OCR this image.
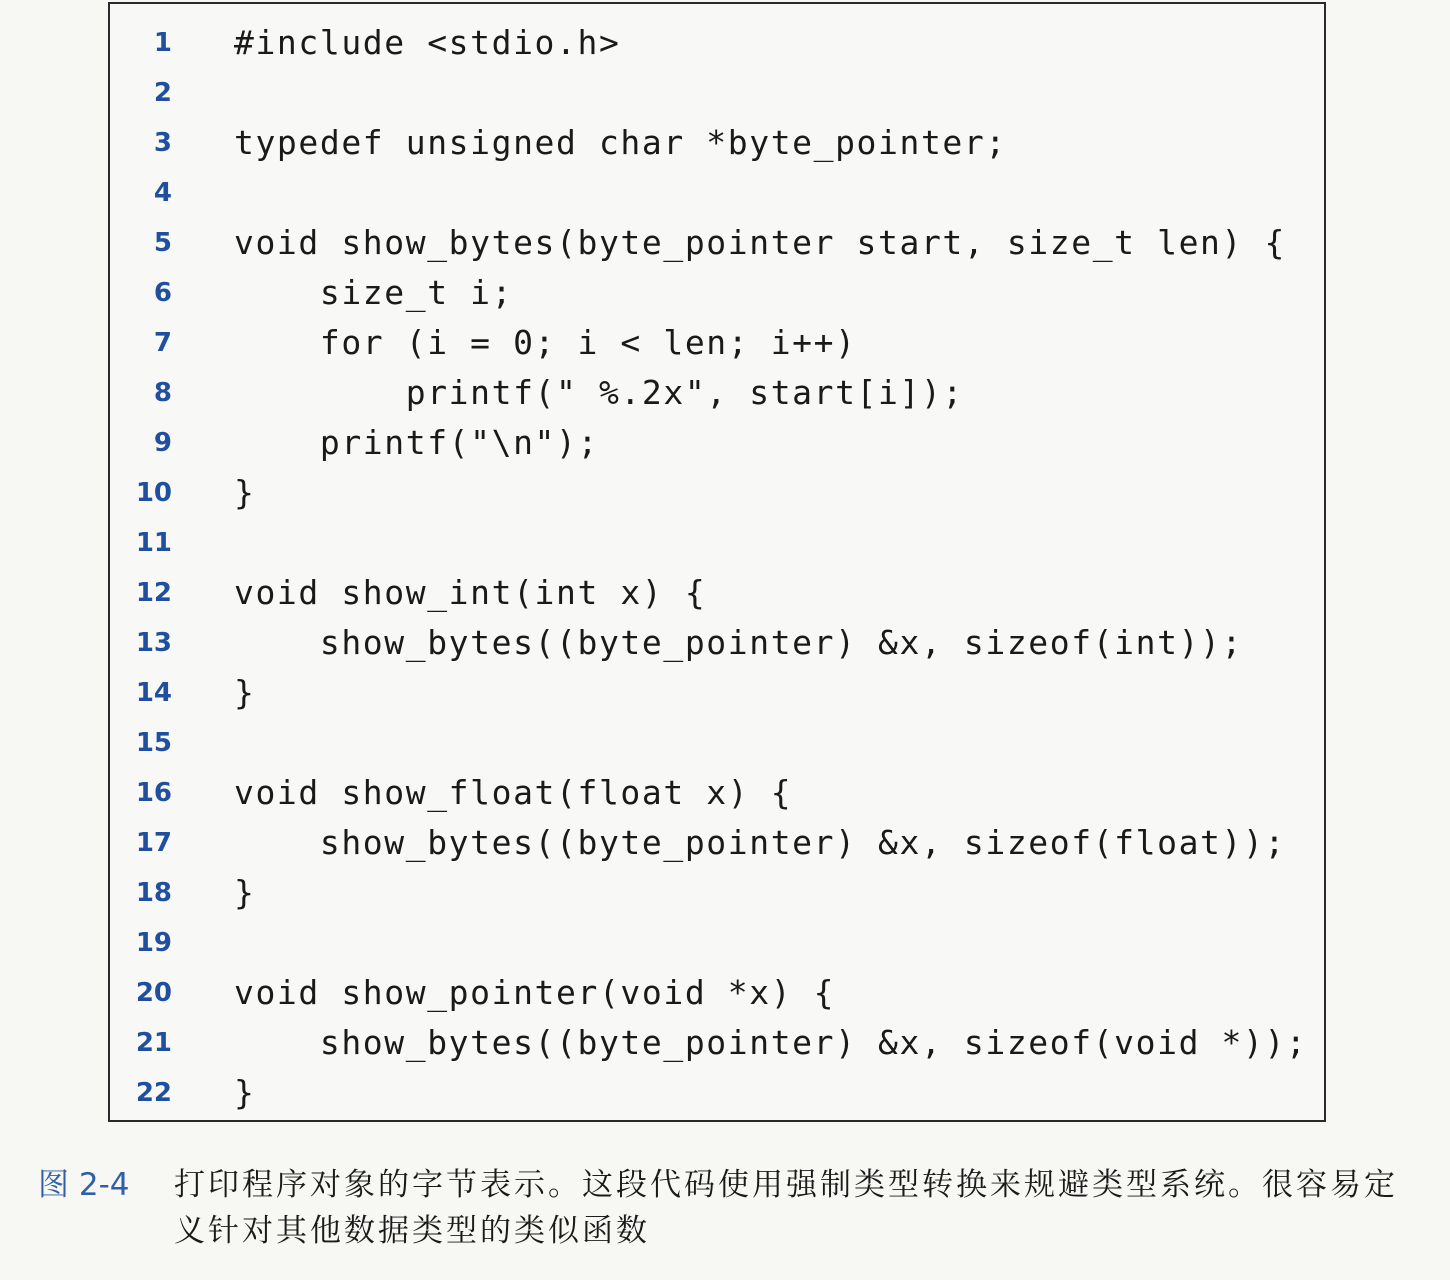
1 #include <stdio.h>
2
3 typedef unsigned char *byte_pointer;
4
5 void show_bytes(byte_pointer start, size_t len) {
6 size_t i;
7 for (i = 0; i < len; i++)
8 printf(" %.2x", start[i]);
9 printf("\n");
10 }
11
12 void show_int(int x) {
13 show_bytes((byte_pointer) &x, sizeof(int));
14 }
15
16 void show_float(float x) {
17 show_bytes((byte_pointer) &x, sizeof(float));
18 }
19
20 void show_pointer(void *x) {
21 show_bytes((byte_pointer) &x, sizeof(void *));
22 }
图 2-4 打印程序对象的字节表示。这段代码使用强制类型转换来规避类型系统。很容易定义针对其他数据类型的类似函数
